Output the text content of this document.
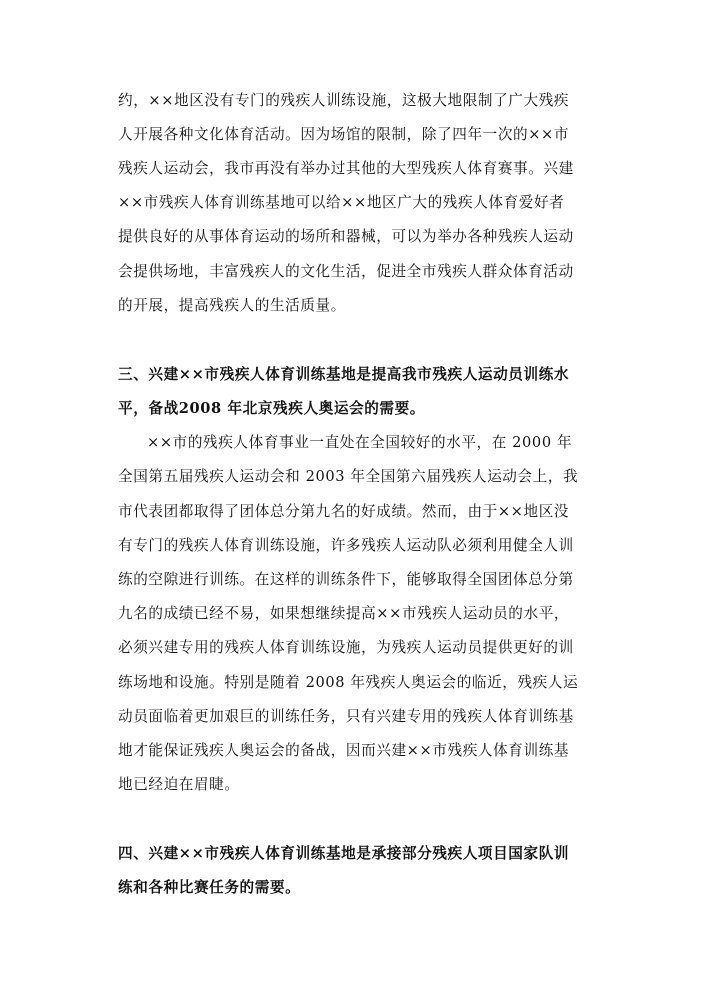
约，××地区没有专门的残疾人训练设施，这极大地限制了广大残疾
人开展各种文化体育活动。因为场馆的限制，除了四年一次的××市
残疾人运动会，我市再没有举办过其他的大型残疾人体育赛事。兴建
××市残疾人体育训练基地可以给××地区广大的残疾人体育爱好者
提供良好的从事体育运动的场所和器械，可以为举办各种残疾人运动
会提供场地，丰富残疾人的文化生活，促进全市残疾人群众体育活动
的开展，提高残疾人的生活质量。
三、兴建××市残疾人体育训练基地是提高我市残疾人运动员训练水
平，备战2008 年北京残疾人奥运会的需要。
××市的残疾人体育事业一直处在全国较好的水平，在 2000 年
全国第五届残疾人运动会和 2003 年全国第六届残疾人运动会上，我
市代表团都取得了团体总分第九名的好成绩。然而，由于××地区没
有专门的残疾人体育训练设施，许多残疾人运动队必须利用健全人训
练的空隙进行训练。在这样的训练条件下，能够取得全国团体总分第
九名的成绩已经不易，如果想继续提高××市残疾人运动员的水平，
必须兴建专用的残疾人体育训练设施，为残疾人运动员提供更好的训
练场地和设施。特别是随着 2008 年残疾人奥运会的临近，残疾人运
动员面临着更加艰巨的训练任务，只有兴建专用的残疾人体育训练基
地才能保证残疾人奥运会的备战，因而兴建××市残疾人体育训练基
地已经迫在眉睫。
四、兴建××市残疾人体育训练基地是承接部分残疾人项目国家队训
练和各种比赛任务的需要。
